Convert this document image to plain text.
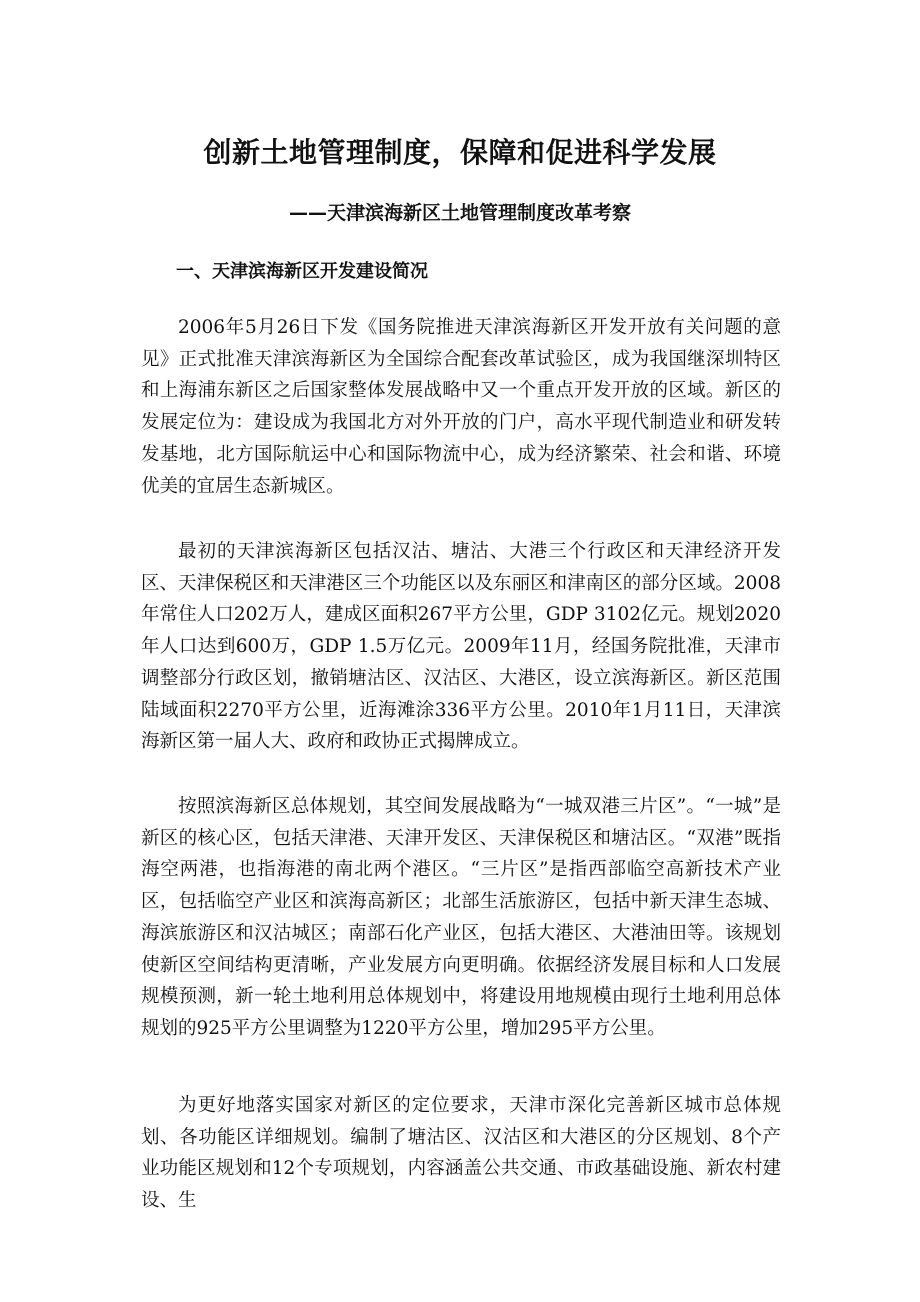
创新土地管理制度，保障和促进科学发展
——天津滨海新区土地管理制度改革考察
一、天津滨海新区开发建设简况

2006年5月26日下发《国务院推进天津滨海新区开发开放有关问题的意见》正式批准天津滨海新区为全国综合配套改革试验区，成为我国继深圳特区和上海浦东新区之后国家整体发展战略中又一个重点开发开放的区域。新区的发展定位为：建设成为我国北方对外开放的门户，高水平现代制造业和研发转发基地，北方国际航运中心和国际物流中心，成为经济繁荣、社会和谐、环境优美的宜居生态新城区。

最初的天津滨海新区包括汉沽、塘沽、大港三个行政区和天津经济开发区、天津保税区和天津港区三个功能区以及东丽区和津南区的部分区域。2008年常住人口202万人，建成区面积267平方公里，GDP 3102亿元。规划2020年人口达到600万，GDP 1.5万亿元。2009年11月，经国务院批准，天津市调整部分行政区划，撤销塘沽区、汉沽区、大港区，设立滨海新区。新区范围陆域面积2270平方公里，近海滩涂336平方公里。2010年1月11日，天津滨海新区第一届人大、政府和政协正式揭牌成立。

按照滨海新区总体规划，其空间发展战略为“一城双港三片区”。“一城”是新区的核心区，包括天津港、天津开发区、天津保税区和塘沽区。“双港”既指海空两港，也指海港的南北两个港区。“三片区”是指西部临空高新技术产业区，包括临空产业区和滨海高新区；北部生活旅游区，包括中新天津生态城、海滨旅游区和汉沽城区；南部石化产业区，包括大港区、大港油田等。该规划使新区空间结构更清晰，产业发展方向更明确。依据经济发展目标和人口发展规模预测，新一轮土地利用总体规划中，将建设用地规模由现行土地利用总体规划的925平方公里调整为1220平方公里，增加295平方公里。

为更好地落实国家对新区的定位要求，天津市深化完善新区城市总体规划、各功能区详细规划。编制了塘沽区、汉沽区和大港区的分区规划、8个产业功能区规划和12个专项规划，内容涵盖公共交通、市政基础设施、新农村建设、生
